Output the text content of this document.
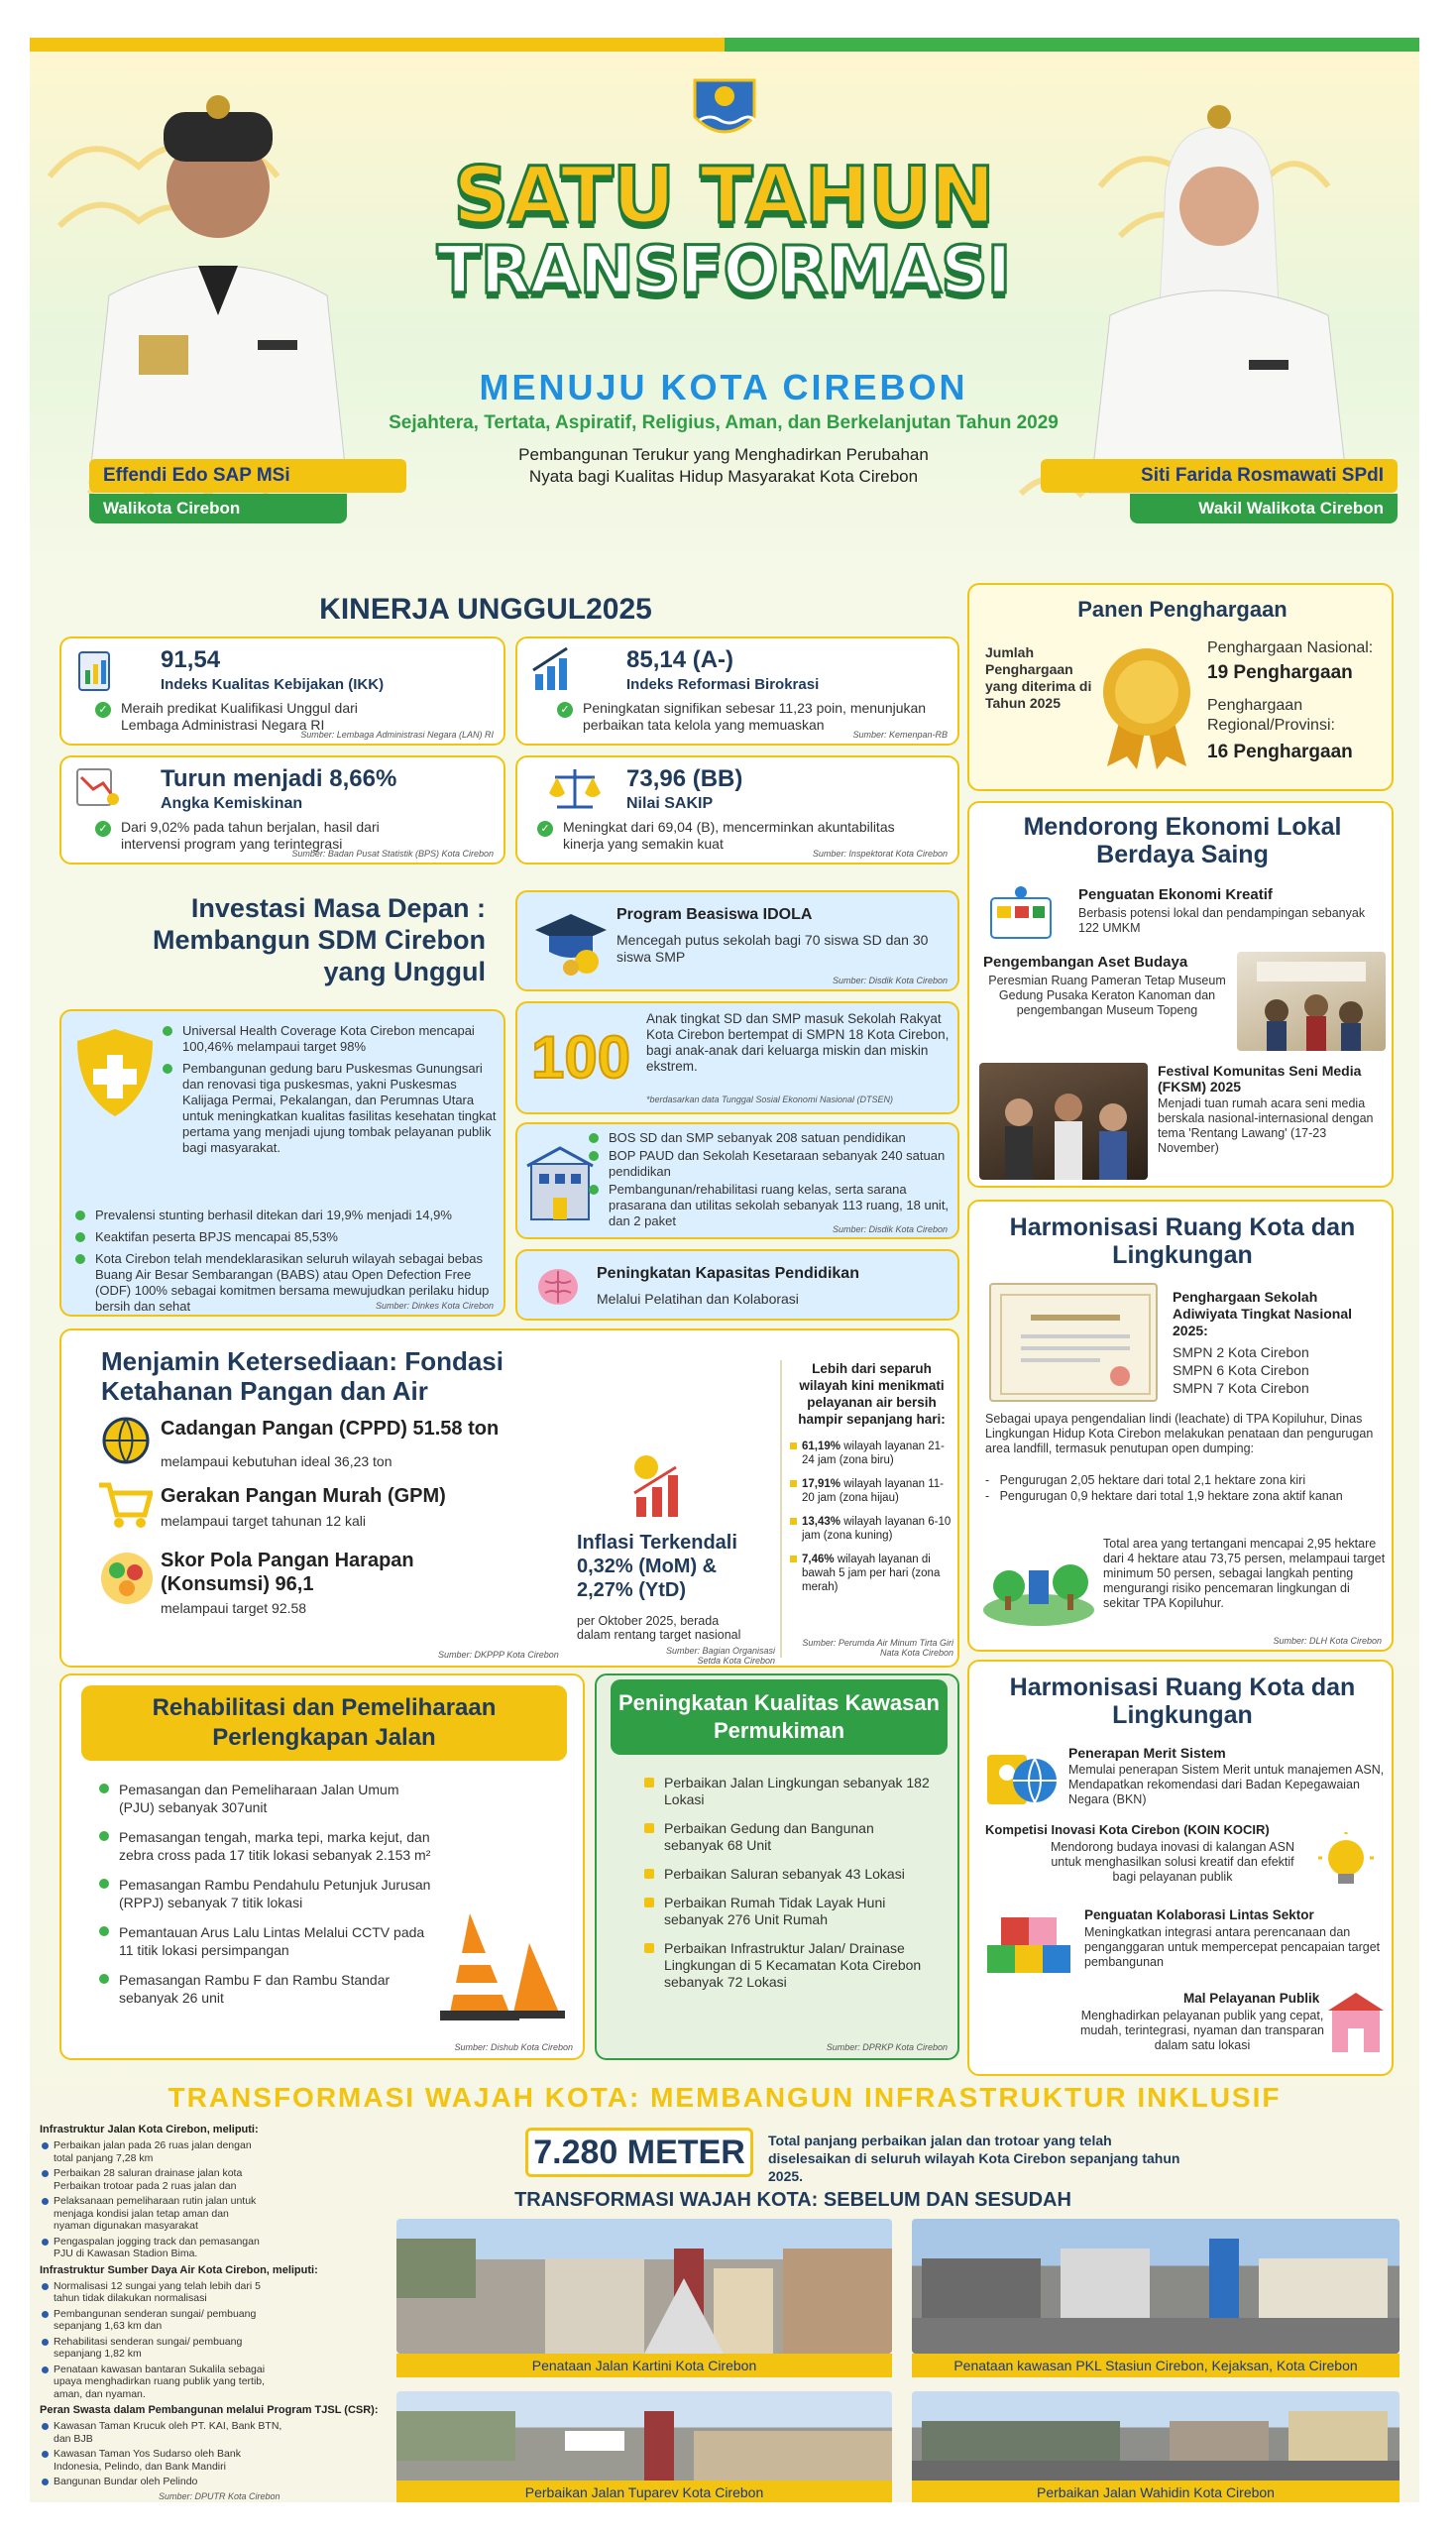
Effendi Edo SAP MSi
Walikota Cirebon
Siti Farida Rosmawati SPdI
Wakil Walikota Cirebon
SATU TAHUN
TRANSFORMASI
MENUJU KOTA CIREBON
Sejahtera, Tertata, Aspiratif, Religius, Aman, dan Berkelanjutan Tahun 2029
Pembangunan Terukur yang Menghadirkan Perubahan Nyata bagi Kualitas Hidup Masyarakat Kota Cirebon
KINERJA UNGGUL2025
91,54
Indeks Kualitas Kebijakan (IKK)
✓ Meraih predikat Kualifikasi Unggul dari Lembaga Administrasi Negara RI
Sumber: Lembaga Administrasi Negara (LAN) RI
85,14 (A-)
Indeks Reformasi Birokrasi
✓ Peningkatan signifikan sebesar 11,23 poin, menunjukan perbaikan tata kelola yang memuaskan
Sumber: Kemenpan-RB
Turun menjadi 8,66%
Angka Kemiskinan
✓ Dari 9,02% pada tahun berjalan, hasil dari intervensi program yang terintegrasi
Sumber: Badan Pusat Statistik (BPS) Kota Cirebon
73,96 (BB)
Nilai SAKIP
✓ Meningkat dari 69,04 (B), mencerminkan akuntabilitas kinerja yang semakin kuat
Sumber: Inspektorat Kota Cirebon
Panen Penghargaan
Jumlah Penghargaan yang diterima di Tahun 2025
Penghargaan Nasional:
19 Penghargaan
Penghargaan Regional/Provinsi:
16 Penghargaan
Mendorong Ekonomi Lokal Berdaya Saing
Penguatan Ekonomi Kreatif
Berbasis potensi lokal dan pendampingan sebanyak 122 UMKM
Pengembangan Aset Budaya
Peresmian Ruang Pameran Tetap Museum Gedung Pusaka Keraton Kanoman dan pengembangan Museum Topeng
Festival Komunitas Seni Media (FKSM) 2025
Menjadi tuan rumah acara seni media berskala nasional-internasional dengan tema 'Rentang Lawang' (17-23 November)
Investasi Masa Depan : Membangun SDM Cirebon yang Unggul
Program Beasiswa IDOLA
Mencegah putus sekolah bagi 70 siswa SD dan 30 siswa SMP
Sumber: Disdik Kota Cirebon
Universal Health Coverage Kota Cirebon mencapai 100,46% melampaui target 98%
Pembangunan gedung baru Puskesmas Gunungsari dan renovasi tiga puskesmas, yakni Puskesmas Kalijaga Permai, Pekalangan, dan Perumnas Utara untuk meningkatkan kualitas fasilitas kesehatan tingkat pertama yang menjadi ujung tombak pelayanan publik bagi masyarakat.
Prevalensi stunting berhasil ditekan dari 19,9% menjadi 14,9%
Keaktifan peserta BPJS mencapai 85,53%
Kota Cirebon telah mendeklarasikan seluruh wilayah sebagai bebas Buang Air Besar Sembarangan (BABS) atau Open Defection Free (ODF) 100% sebagai komitmen bersama mewujudkan perilaku hidup bersih dan sehat	Sumber: Dinkes Kota Cirebon
100
Anak tingkat SD dan SMP masuk Sekolah Rakyat Kota Cirebon bertempat di SMPN 18 Kota Cirebon, bagi anak-anak dari keluarga miskin dan miskin ekstrem.
*berdasarkan data Tunggal Sosial Ekonomi Nasional (DTSEN)
BOS SD dan SMP sebanyak 208 satuan pendidikan
BOP PAUD dan Sekolah Kesetaraan sebanyak 240 satuan pendidikan
Pembangunan/rehabilitasi ruang kelas, serta sarana prasarana dan utilitas sekolah sebanyak 113 ruang, 18 unit, dan 2 paket
Sumber: Disdik Kota Cirebon
Peningkatan Kapasitas Pendidikan
Melalui Pelatihan dan Kolaborasi
Harmonisasi Ruang Kota dan Lingkungan
Penghargaan Sekolah Adiwiyata Tingkat Nasional 2025:
SMPN 2 Kota Cirebon
SMPN 6 Kota Cirebon
SMPN 7 Kota Cirebon
Sebagai upaya pengendalian lindi (leachate) di TPA Kopiluhur, Dinas Lingkungan Hidup Kota Cirebon melakukan penataan dan pengurugan area landfill, termasuk penutupan open dumping:
-   Pengurugan 2,05 hektare dari total 2,1 hektare zona kiri
-   Pengurugan 0,9 hektare dari total 1,9 hektare zona aktif kanan
Total area yang tertangani mencapai 2,95 hektare dari 4 hektare atau 73,75 persen, melampaui target minimum 50 persen, sebagai langkah penting mengurangi risiko pencemaran lingkungan di sekitar TPA Kopiluhur.
Sumber: DLH Kota Cirebon
Menjamin Ketersediaan: Fondasi Ketahanan Pangan dan Air
Cadangan Pangan (CPPD) 51.58 ton
melampaui kebutuhan ideal 36,23 ton
Gerakan Pangan Murah (GPM)
melampaui target tahunan 12 kali
Skor Pola Pangan Harapan (Konsumsi) 96,1
melampaui target 92.58
Sumber: DKPPP Kota Cirebon
Inflasi Terkendali 0,32% (MoM) & 2,27% (YtD)
per Oktober 2025, berada dalam rentang target nasional
Sumber: Bagian Organisasi Setda Kota Cirebon
Lebih dari separuh wilayah kini menikmati pelayanan air bersih hampir sepanjang hari:
61,19% wilayah layanan 21-24 jam (zona biru)
17,91% wilayah layanan 11-20 jam (zona hijau)
13,43% wilayah layanan 6-10 jam (zona kuning)
7,46% wilayah layanan di bawah 5 jam per hari (zona merah)
Sumber: Perumda Air Minum Tirta Giri Nata Kota Cirebon
Harmonisasi Ruang Kota dan Lingkungan
Penerapan Merit Sistem
Memulai penerapan Sistem Merit untuk manajemen ASN, Mendapatkan rekomendasi dari Badan Kepegawaian Negara (BKN)
Kompetisi Inovasi Kota Cirebon (KOIN KOCIR)
Mendorong budaya inovasi di kalangan ASN untuk menghasilkan solusi kreatif dan efektif bagi pelayanan publik
Penguatan Kolaborasi Lintas Sektor
Meningkatkan integrasi antara perencanaan dan penganggaran untuk mempercepat pencapaian target pembangunan
Mal Pelayanan Publik
Menghadirkan pelayanan publik yang cepat, mudah, terintegrasi, nyaman dan transparan dalam satu lokasi
Rehabilitasi dan Pemeliharaan Perlengkapan Jalan
Pemasangan dan Pemeliharaan Jalan Umum (PJU) sebanyak 307unit
Pemasangan tengah, marka tepi, marka kejut, dan zebra cross pada 17 titik lokasi sebanyak 2.153 m²
Pemasangan Rambu Pendahulu Petunjuk Jurusan (RPPJ) sebanyak 7 titik lokasi
Pemantauan Arus Lalu Lintas Melalui CCTV pada 11 titik lokasi persimpangan
Pemasangan Rambu F dan Rambu Standar sebanyak 26 unit
Sumber: Dishub Kota Cirebon
Peningkatan Kualitas Kawasan Permukiman
Perbaikan Jalan Lingkungan sebanyak 182 Lokasi
Perbaikan Gedung dan Bangunan sebanyak 68 Unit
Perbaikan Saluran sebanyak 43 Lokasi
Perbaikan Rumah Tidak Layak Huni sebanyak 276 Unit Rumah
Perbaikan Infrastruktur Jalan/ Drainase Lingkungan di 5 Kecamatan Kota Cirebon sebanyak 72 Lokasi
Sumber: DPRKP Kota Cirebon
TRANSFORMASI WAJAH KOTA: MEMBANGUN INFRASTRUKTUR INKLUSIF
7.280 METER	Total panjang perbaikan jalan dan trotoar yang telah diselesaikan di seluruh wilayah Kota Cirebon sepanjang tahun 2025.
TRANSFORMASI WAJAH KOTA: SEBELUM DAN SESUDAH
Infrastruktur Jalan Kota Cirebon, meliputi:
Perbaikan jalan pada 26 ruas jalan dengan total panjang 7,28 km
Perbaikan 28 saluran drainase jalan kota Perbaikan trotoar pada 2 ruas jalan dan
Pelaksanaan pemeliharaan rutin jalan untuk menjaga kondisi jalan tetap aman dan nyaman digunakan masyarakat
Pengaspalan jogging track dan pemasangan PJU di Kawasan Stadion Bima.
Infrastruktur Sumber Daya Air Kota Cirebon, meliputi:
Normalisasi 12 sungai yang telah lebih dari 5 tahun tidak dilakukan normalisasi
Pembangunan senderan sungai/ pembuang sepanjang 1,63 km dan
Rehabilitasi senderan sungai/ pembuang sepanjang 1,82 km
Penataan kawasan bantaran Sukalila sebagai upaya menghadirkan ruang publik yang tertib, aman, dan nyaman.
Peran Swasta dalam Pembangunan melalui Program TJSL (CSR):
Kawasan Taman Krucuk oleh PT. KAI, Bank BTN, dan BJB
Kawasan Taman Yos Sudarso oleh Bank Indonesia, Pelindo, dan Bank Mandiri
Bangunan Bundar oleh Pelindo
Sumber: DPUTR Kota Cirebon
Penataan Jalan Kartini Kota Cirebon	Penataan kawasan PKL Stasiun Cirebon, Kejaksan, Kota Cirebon
Perbaikan Jalan Tuparev Kota Cirebon	Perbaikan Jalan Wahidin Kota Cirebon
